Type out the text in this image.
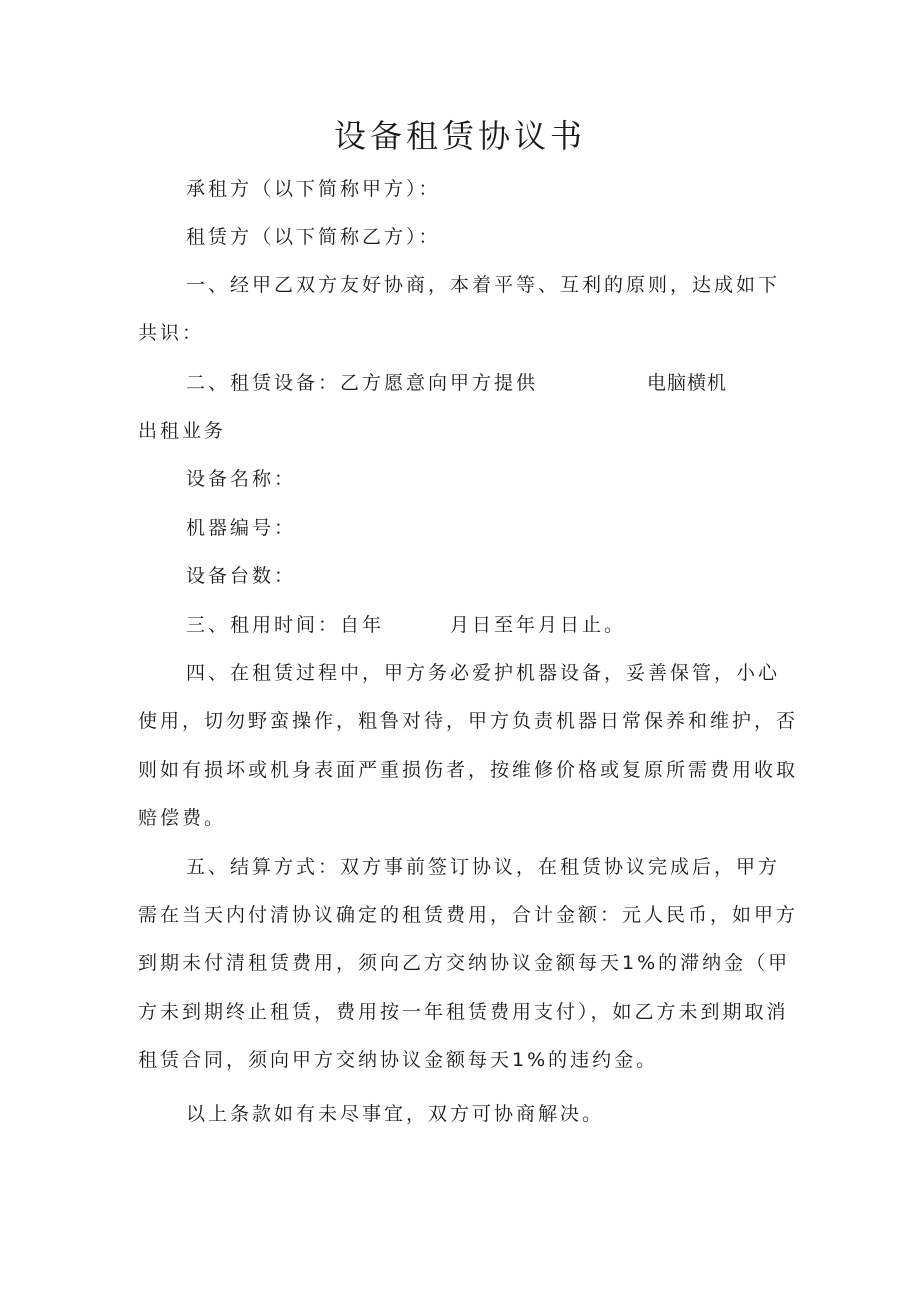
设备租赁协议书
承租方（以下简称甲方）：
租赁方（以下简称乙方）：
一、经甲乙双方友好协商，本着平等、互利的原则，达成如下
共识：
二、租赁设备：乙方愿意向甲方提供	电脑横机
出租业务
设备名称：
机器编号：
设备台数：
三、租用时间：自年　　　月日至年月日止。
四、在租赁过程中，甲方务必爱护机器设备，妥善保管，小心
使用，切勿野蛮操作，粗鲁对待，甲方负责机器日常保养和维护，否
则如有损坏或机身表面严重损伤者，按维修价格或复原所需费用收取
赔偿费。
五、结算方式：双方事前签订协议，在租赁协议完成后，甲方
需在当天内付清协议确定的租赁费用，合计金额：元人民币，如甲方
到期未付清租赁费用，须向乙方交纳协议金额每天1%的滞纳金（甲
方未到期终止租赁，费用按一年租赁费用支付），如乙方未到期取消
租赁合同，须向甲方交纳协议金额每天1%的违约金。
以上条款如有未尽事宜，双方可协商解决。
